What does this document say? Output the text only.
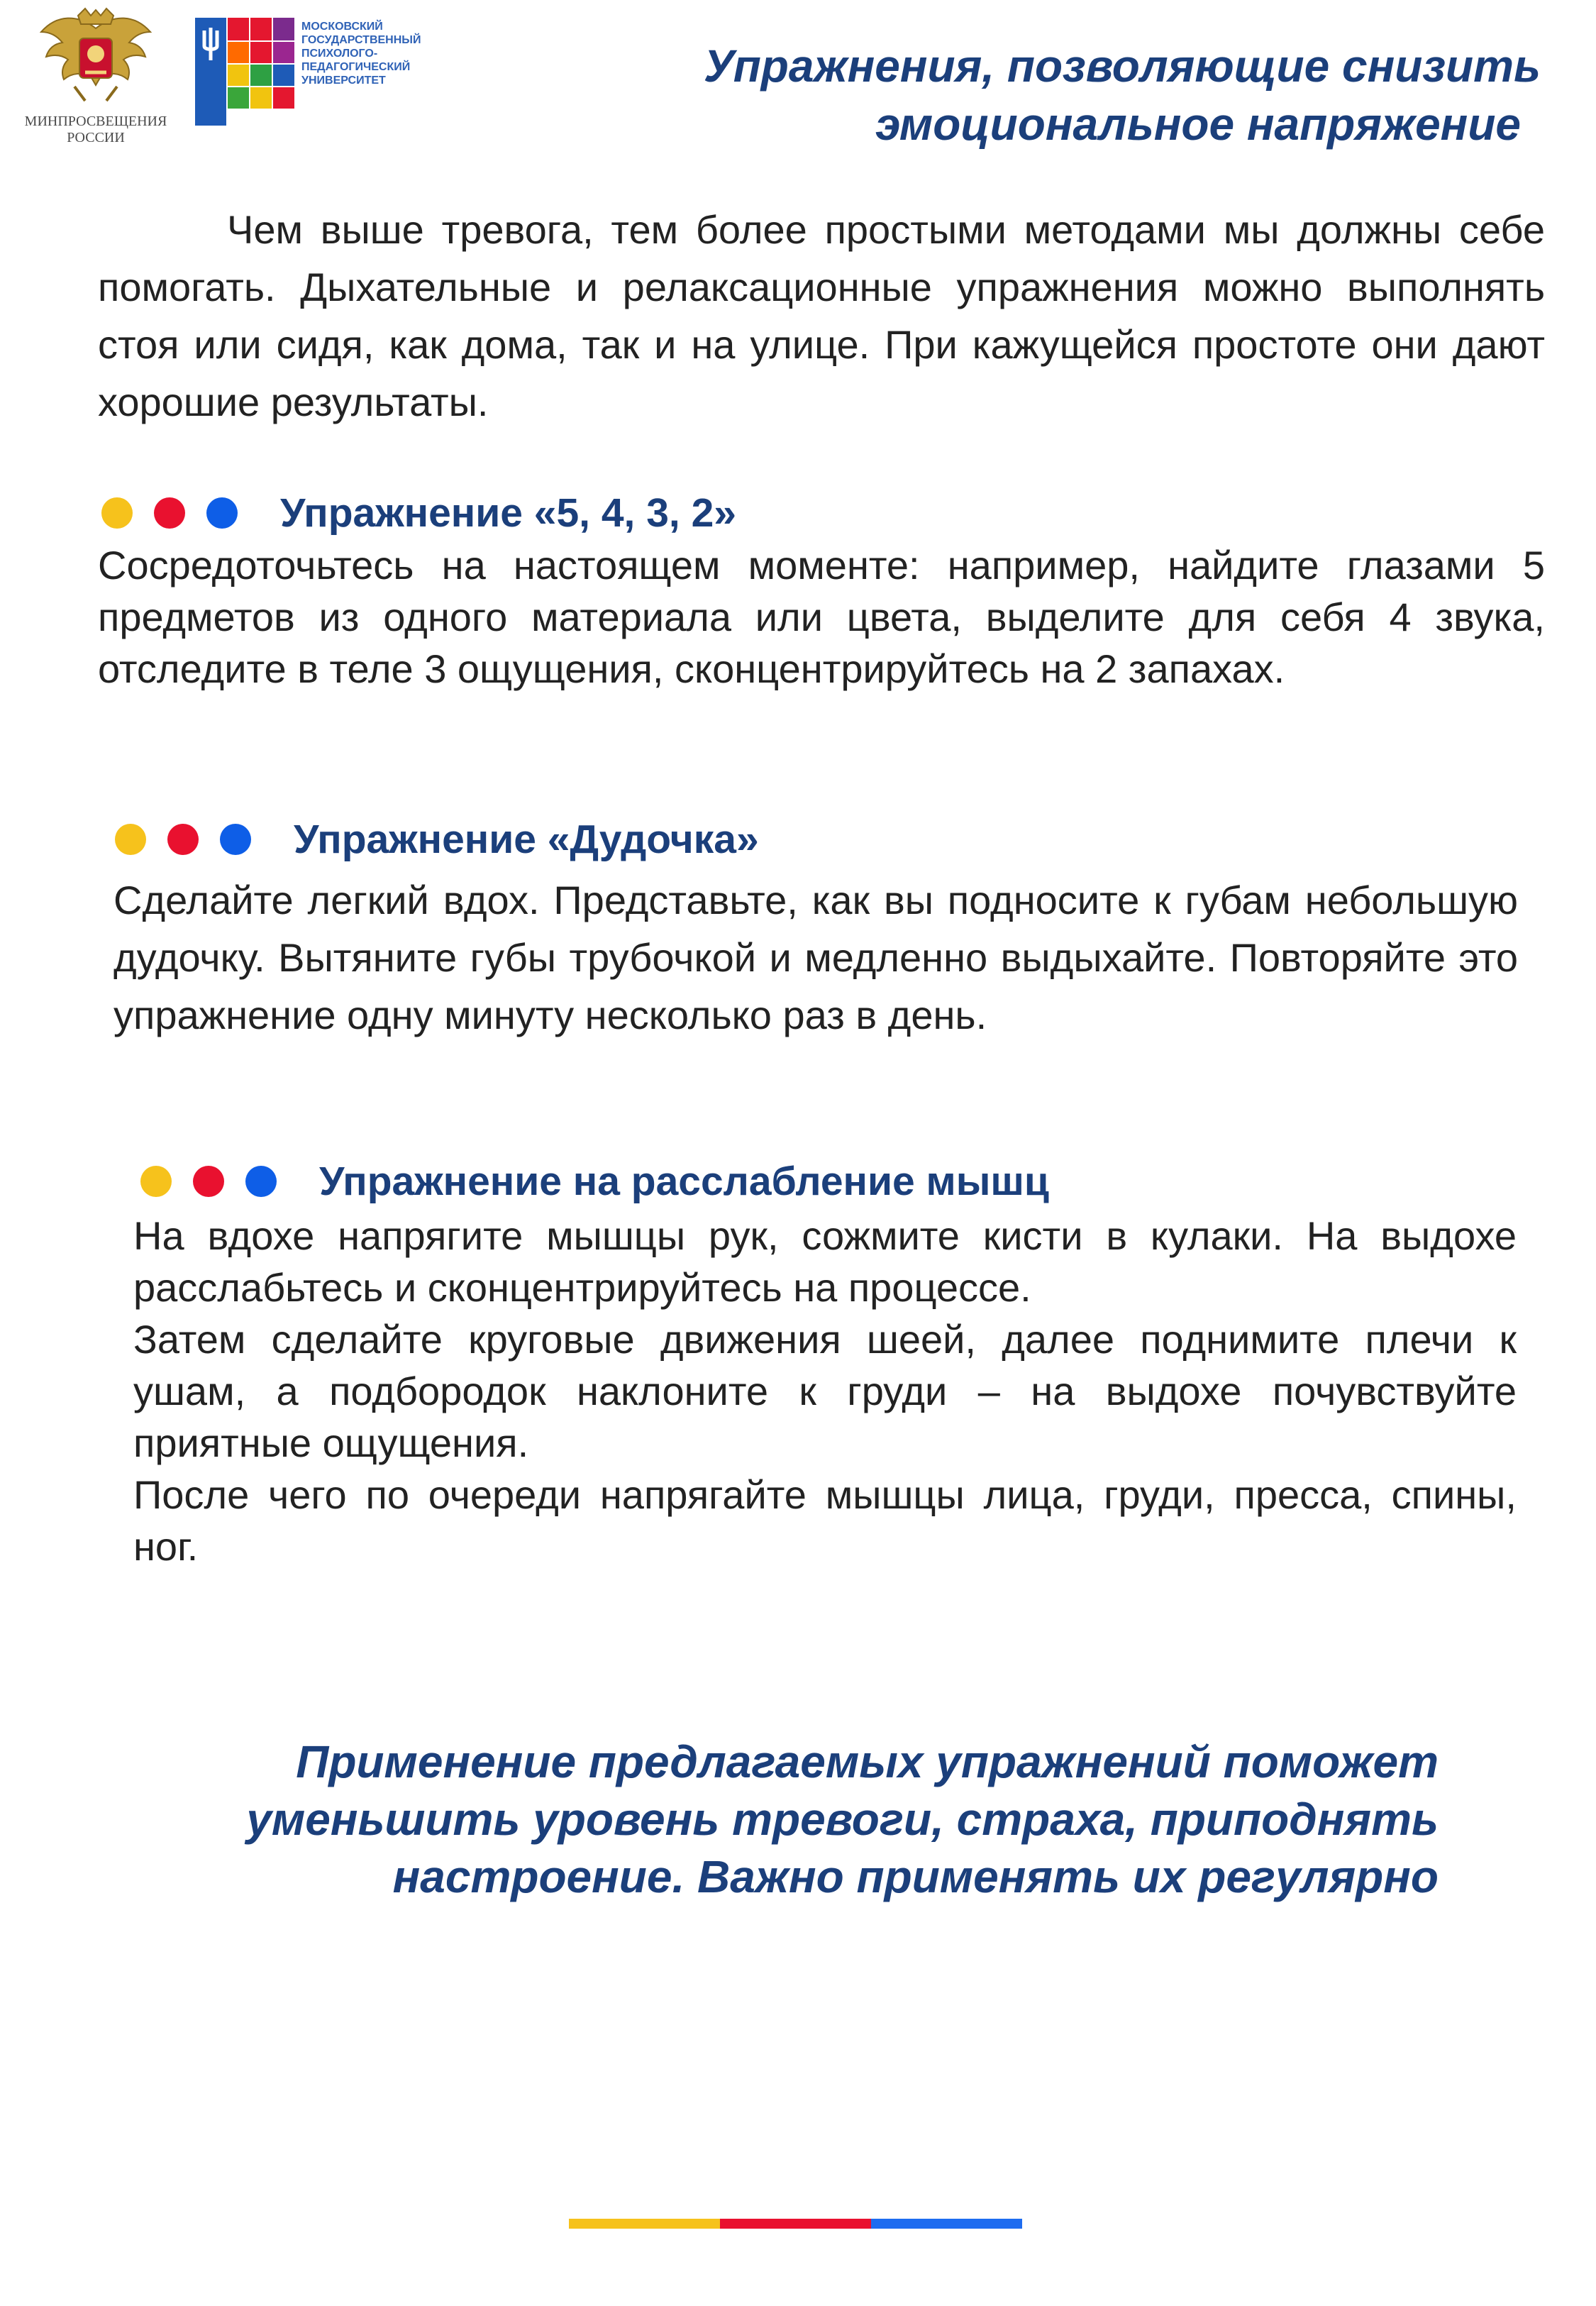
МИНПРОСВЕЩЕНИЯ
РОССИИ
МОСКОВСКИЙ
ГОСУДАРСТВЕННЫЙ
ПСИХОЛОГО-
ПЕДАГОГИЧЕСКИЙ
УНИВЕРСИТЕТ	Упражнения, позволяющие снизить
эмоциональное напряжение

Чем выше тревога, тем более простыми методами мы должны себе помогать. Дыхательные и релаксационные упражнения можно выполнять стоя или сидя, как дома, так и на улице. При кажущейся простоте они дают хорошие результаты.

Упражнение «5, 4, 3, 2»

Сосредоточьтесь на настоящем моменте: например, найдите глазами 5 предметов из одного материала или цвета, выделите для себя 4 звука, отследите в теле 3 ощущения, сконцентрируйтесь на 2 запахах.

Упражнение «Дудочка»

Сделайте легкий вдох. Представьте, как вы подносите к губам небольшую дудочку. Вытяните губы трубочкой и медленно выдыхайте. Повторяйте это упражнение одну минуту несколько раз в день.

Упражнение на расслабление мышц

На вдохе напрягите мышцы рук, сожмите кисти в кулаки. На выдохе расслабьтесь и сконцентрируйтесь на процессе.

Затем сделайте круговые движения шеей, далее поднимите плечи к ушам, а подбородок наклоните к груди – на выдохе почувствуйте приятные ощущения.

После чего по очереди напрягайте мышцы лица, груди, пресса, спины, ног.

Применение предлагаемых упражнений поможет
уменьшить уровень тревоги, страха, приподнять
настроение. Важно применять их регулярно
